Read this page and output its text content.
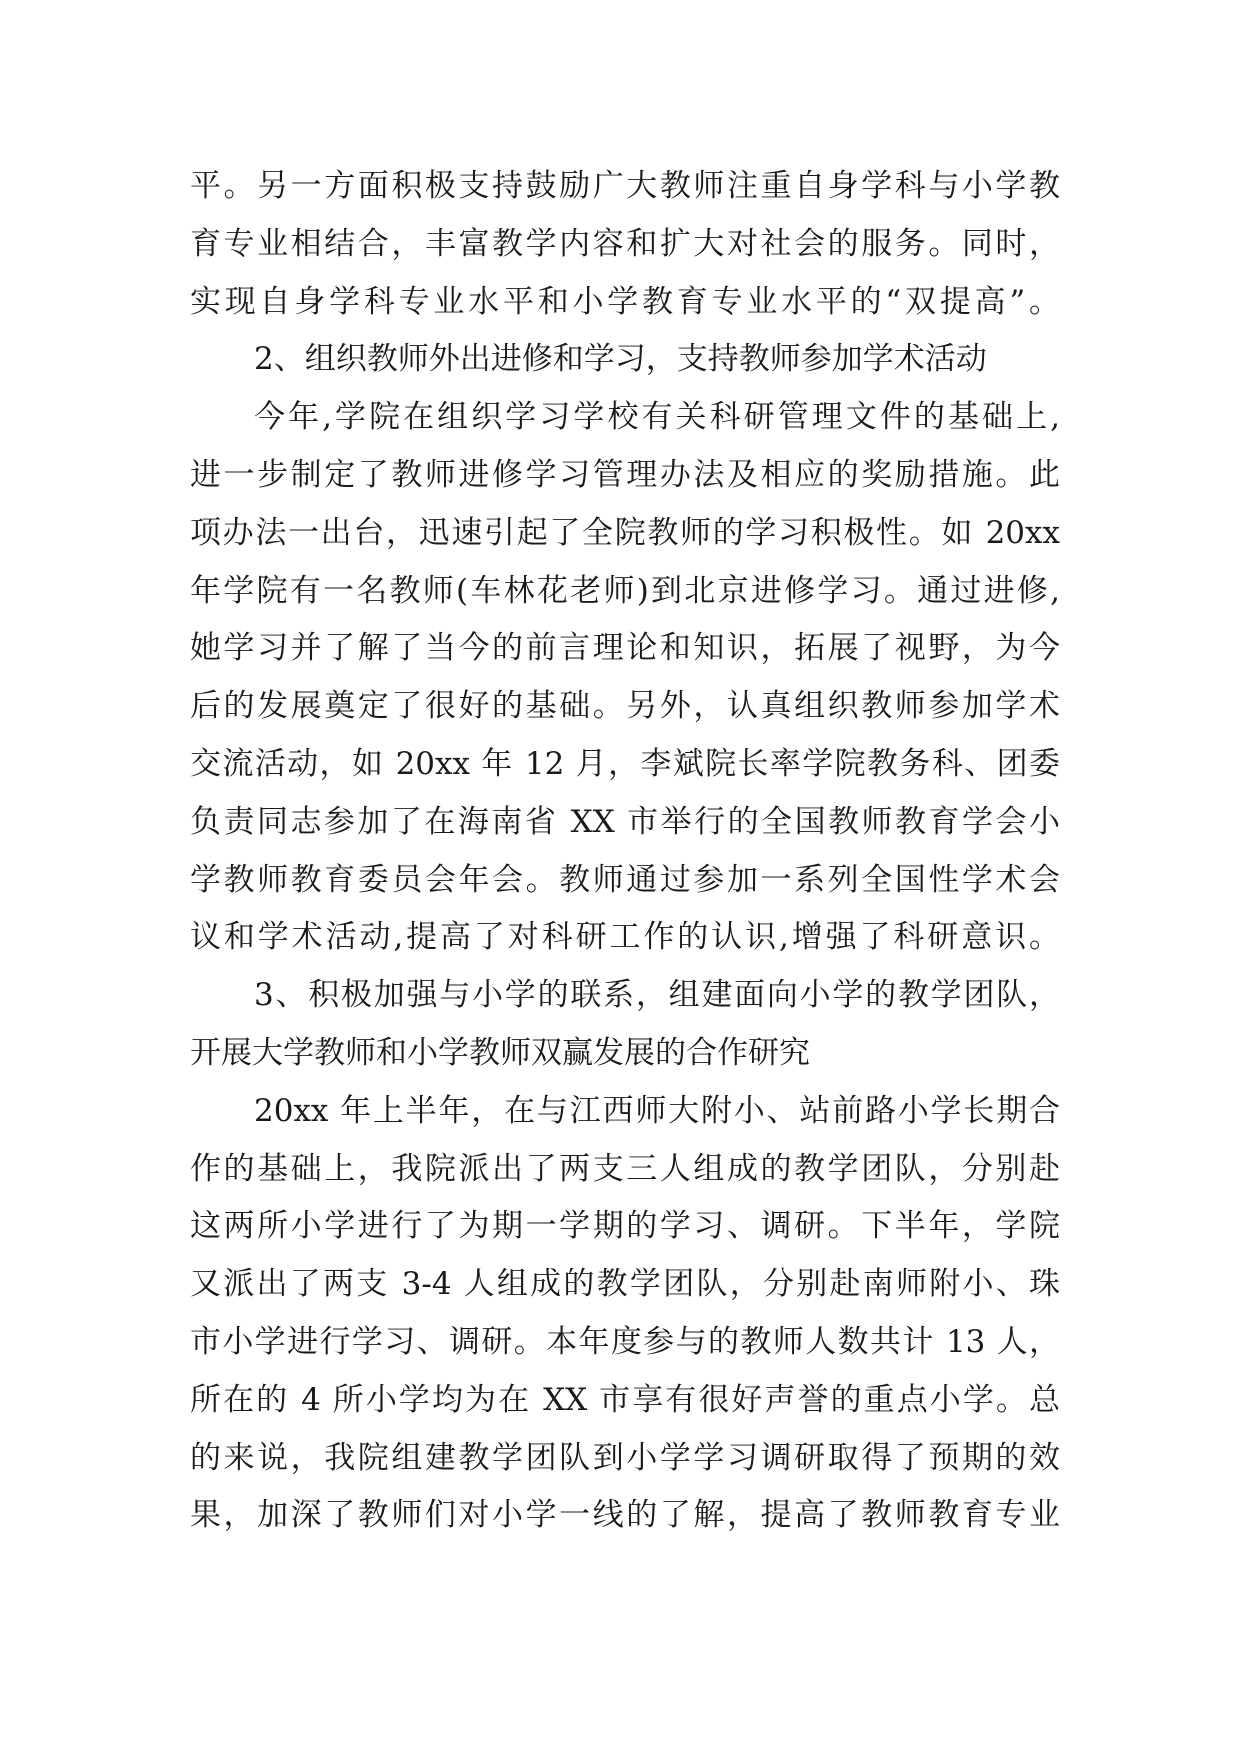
平。另一方面积极支持鼓励广大教师注重自身学科与小学教
育专业相结合，丰富教学内容和扩大对社会的服务。同时，
实现自身学科专业水平和小学教育专业水平的“双提高”。
2、组织教师外出进修和学习，支持教师参加学术活动
今年,学院在组织学习学校有关科研管理文件的基础上,
进一步制定了教师进修学习管理办法及相应的奖励措施。此
项办法一出台，迅速引起了全院教师的学习积极性。如 20xx
年学院有一名教师(车林花老师)到北京进修学习。通过进修,
她学习并了解了当今的前言理论和知识，拓展了视野，为今
后的发展奠定了很好的基础。另外，认真组织教师参加学术
交流活动，如 20xx 年 12 月，李斌院长率学院教务科、团委
负责同志参加了在海南省 XX 市举行的全国教师教育学会小
学教师教育委员会年会。教师通过参加一系列全国性学术会
议和学术活动,提高了对科研工作的认识,增强了科研意识。
3、积极加强与小学的联系，组建面向小学的教学团队，
开展大学教师和小学教师双赢发展的合作研究
20xx 年上半年，在与江西师大附小、站前路小学长期合
作的基础上，我院派出了两支三人组成的教学团队，分别赴
这两所小学进行了为期一学期的学习、调研。下半年，学院
又派出了两支 3-4 人组成的教学团队，分别赴南师附小、珠
市小学进行学习、调研。本年度参与的教师人数共计 13 人，
所在的 4 所小学均为在 XX 市享有很好声誉的重点小学。总
的来说，我院组建教学团队到小学学习调研取得了预期的效
果，加深了教师们对小学一线的了解，提高了教师教育专业
